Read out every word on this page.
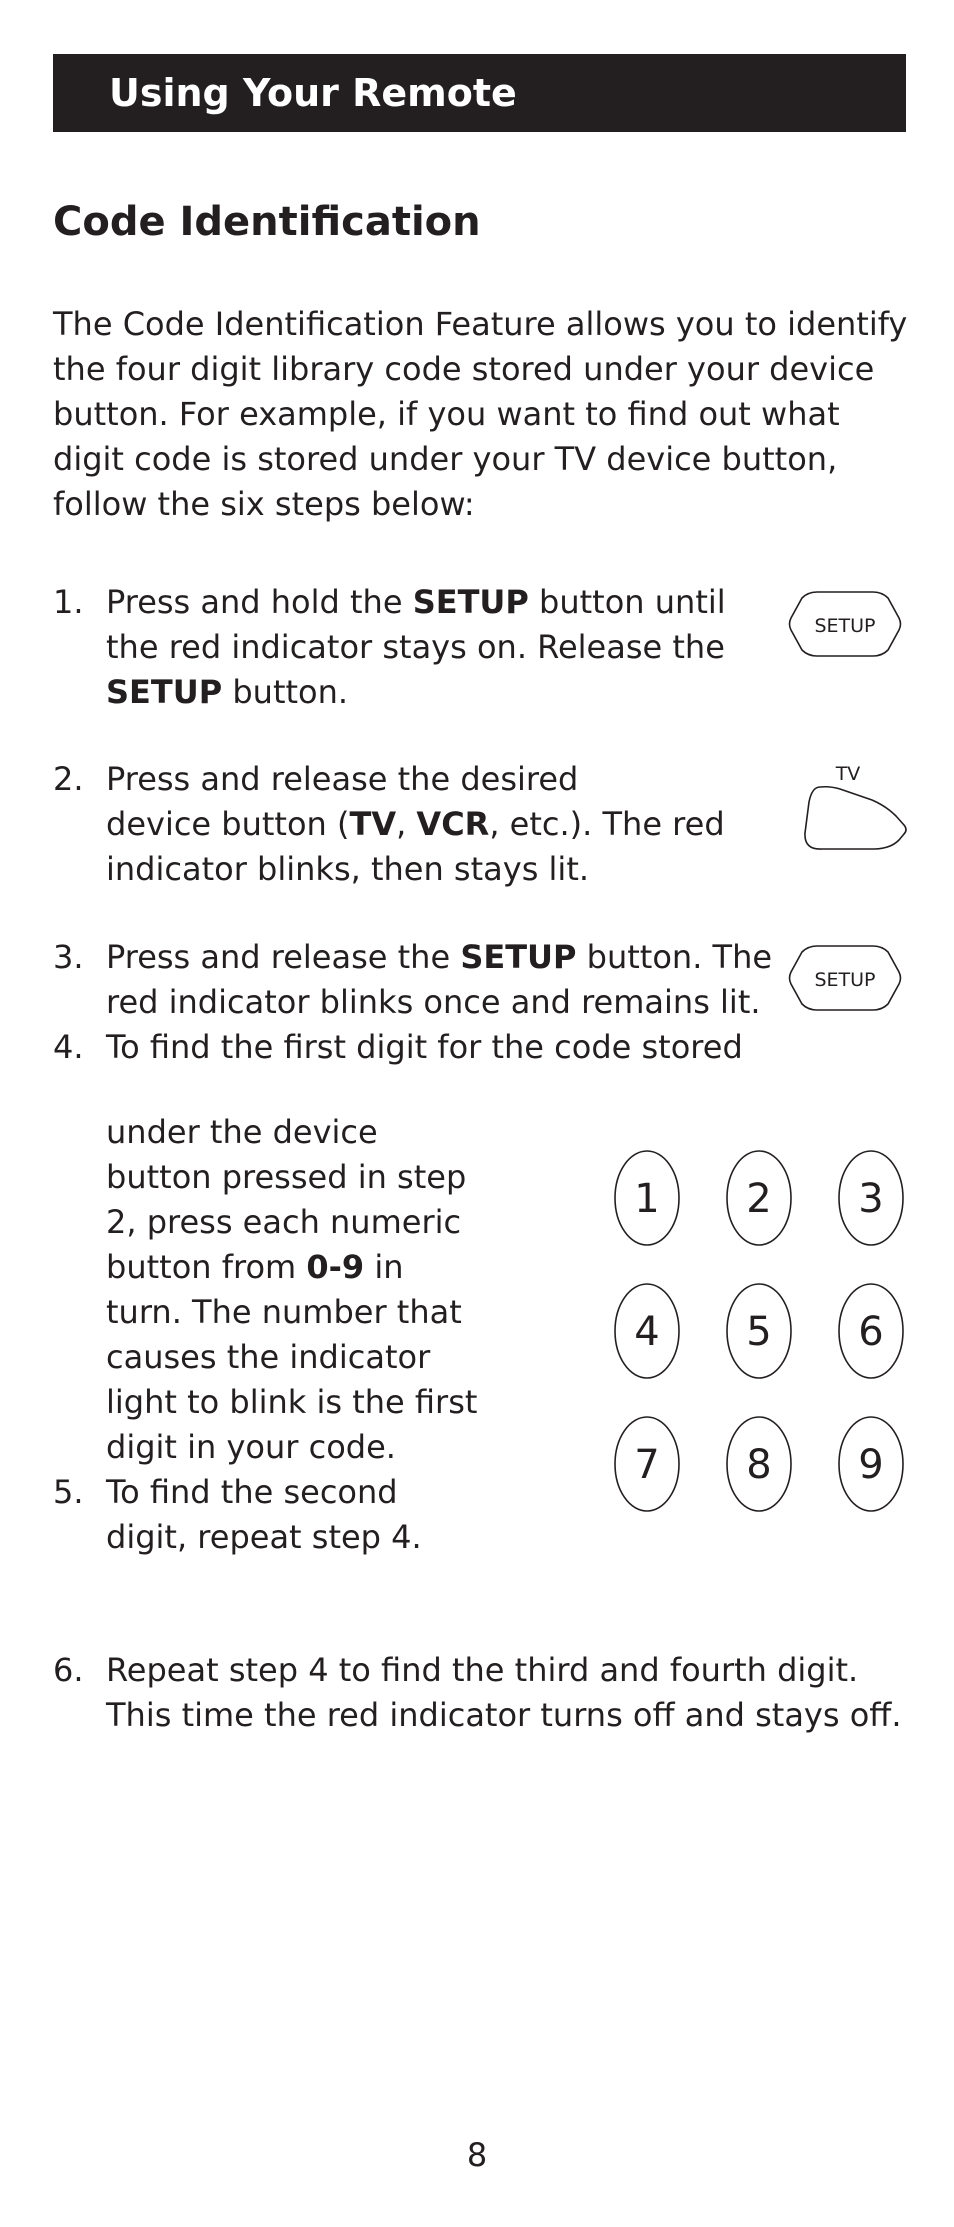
Using Your Remote
Code Identification
The Code Identification Feature allows you to identify
the four digit library code stored under your device
button. For example, if you want to find out what
digit code is stored under your TV device button,
follow the six steps below:
1. Press and hold the SETUP button until
the red indicator stays on. Release the
SETUP button.
2. Press and release the desired
device button (TV, VCR, etc.). The red
indicator blinks, then stays lit.
3. Press and release the SETUP button. The
red indicator blinks once and remains lit.
4. To find the first digit for the code stored
under the device
button pressed in step
2, press each numeric
button from 0-9 in
turn. The number that
causes the indicator
light to blink is the first
digit in your code.
5. To find the second
digit, repeat step 4.
6. Repeat step 4 to find the third and fourth digit.
This time the red indicator turns off and stays off.
SETUP
TV
SETUP
1 2 3
4 5 6
7 8 9
8
